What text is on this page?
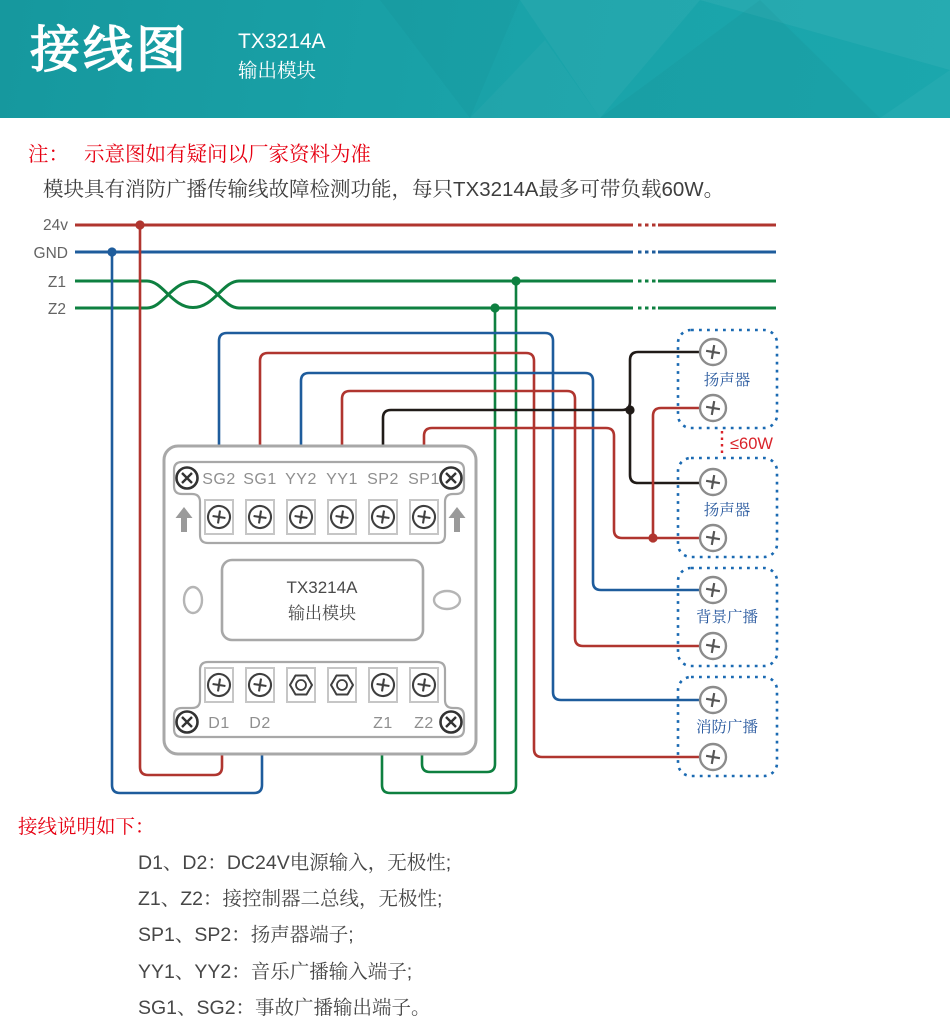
接线图 TX3214A
输出模块
注： 示意图如有疑问以厂家资料为准
模块具有消防广播传输线故障检测功能，每只TX3214A最多可带负载60W。
24v
GND
Z1
Z2
SG2 SG1 YY2 YY1 SP2 SP1
TX3214A
输出模块
D1 D2	Z1 Z2
扬声器
扬声器
背景广播
消防广播
≤60W
接线说明如下：
D1、D2：DC24V电源输入，无极性;
Z1、Z2：接控制器二总线，无极性;
SP1、SP2：扬声器端子;
YY1、YY2：音乐广播输入端子;
SG1、SG2：事故广播输出端子。
